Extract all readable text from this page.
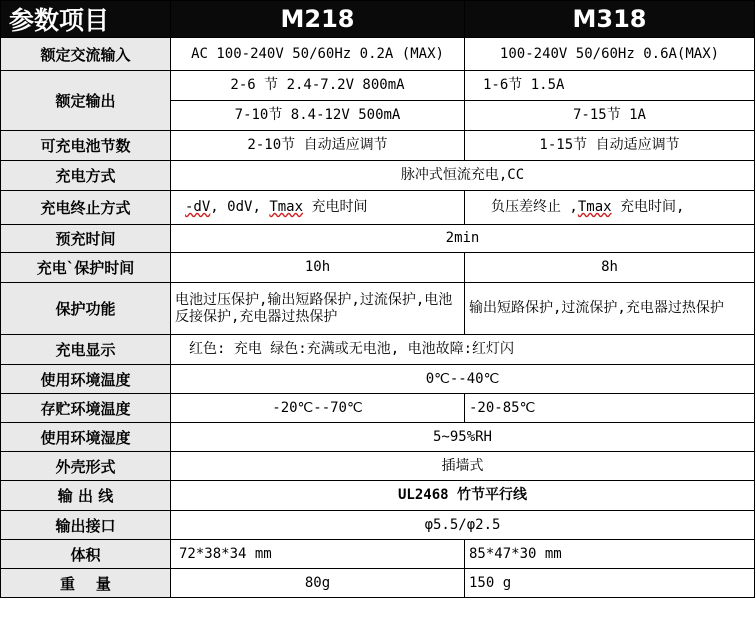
参数项目	M218	M318
额定交流输入	AC 100-240V 50/60Hz 0.2A (MAX)	100-240V 50/60Hz 0.6A(MAX)
额定输出	2-6 节 2.4-7.2V 800mA	1-6节 1.5A
	7-10节 8.4-12V 500mA	7-15节 1A
可充电池节数	2-10节 自动适应调节	1-15节 自动适应调节
充电方式	脉冲式恒流充电,CC	
充电终止方式	-dV, 0dV, Tmax 充电时间	负压差终止 ,Tmax 充电时间,
预充时间	2min	
充电`保护时间	10h	8h
保护功能	电池过压保护,输出短路保护,过流保护,电池反接保护,充电器过热保护	输出短路保护,过流保护,充电器过热保护
充电显示	红色: 充电 绿色:充满或无电池, 电池故障:红灯闪	
使用环境温度	0℃--40℃	
存贮环境温度	-20℃--70℃	-20-85℃
使用环境湿度	5~95%RH	
外壳形式	插墙式	
输 出 线	UL2468 竹节平行线	
输出接口	φ5.5/φ2.5	
体积	72*38*34 mm	85*47*30 mm
重    量	80g	150 g
